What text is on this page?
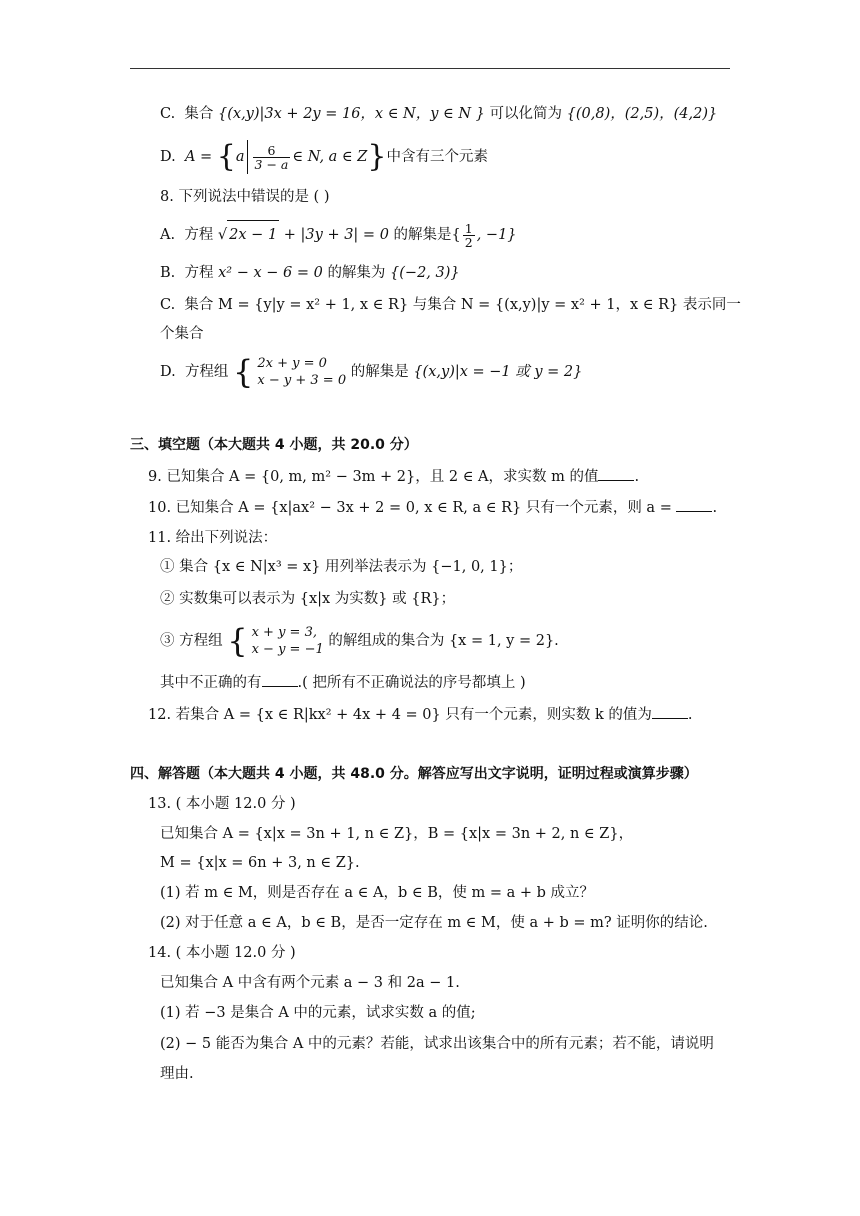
C. 集合 {(x,y)|3x + 2y = 16，x ∈ N，y ∈ N } 可以化简为 {(0,8)，(2,5)，(4,2)}
D. $A = \{a \frac{6}{3 - a}$ ∈ N, a ∈ Z}中含有三个元素
8. 下列说法中错误的是 ( )
A. 方程 √ 2x − 1 + |3y + 3| = 0 的解集是{ $\frac{1}{2}$ , −1}
B. 方程 x² − x − 6 = 0 的解集为 {(−2, 3)}
C. 集合 M = {y|y = x² + 1, x ∈ R} 与集合 N = {(x,y)|y = x² + 1，x ∈ R} 表示同一
个集合
D. 方程组 { 2x + y = 0
x − y + 3 = 0 的解集是 {(x,y)|x = −1 或 y = 2}
三、填空题（本大题共 4 小题，共 20.0 分）
9. 已知集合 A = {0, m, m² − 3m + 2}，且 2 ∈ A，求实数 m 的值 .
10. 已知集合 A = {x|ax² − 3x + 2 = 0, x ∈ R, a ∈ R} 只有一个元素，则 a =	.
11. 给出下列说法：
① 集合 {x ∈ N|x³ = x} 用列举法表示为 {−1, 0, 1}；
② 实数集可以表示为 {x|x 为实数} 或 {R}；
③ 方程组 { x + y = 3,
x − y = −1 的解组成的集合为 {x = 1, y = 2}.
其中不正确的有 .( 把所有不正确说法的序号都填上 )
12. 若集合 A = {x ∈ R|kx² + 4x + 4 = 0} 只有一个元素，则实数 k 的值为 .
四、解答题（本大题共 4 小题，共 48.0 分。解答应写出文字说明，证明过程或演算步骤）
13. ( 本小题 12.0 分 )
已知集合 A = {x|x = 3n + 1, n ∈ Z}，B = {x|x = 3n + 2, n ∈ Z}，
M = {x|x = 6n + 3, n ∈ Z}.
(1) 若 m ∈ M，则是否存在 a ∈ A，b ∈ B，使 m = a + b 成立？
(2) 对于任意 a ∈ A，b ∈ B，是否一定存在 m ∈ M，使 a + b = m? 证明你的结论.
14. ( 本小题 12.0 分 )
已知集合 A 中含有两个元素 a − 3 和 2a − 1.
(1) 若 −3 是集合 A 中的元素，试求实数 a 的值;
(2) − 5 能否为集合 A 中的元素？若能，试求出该集合中的所有元素；若不能，请说明
理由.
